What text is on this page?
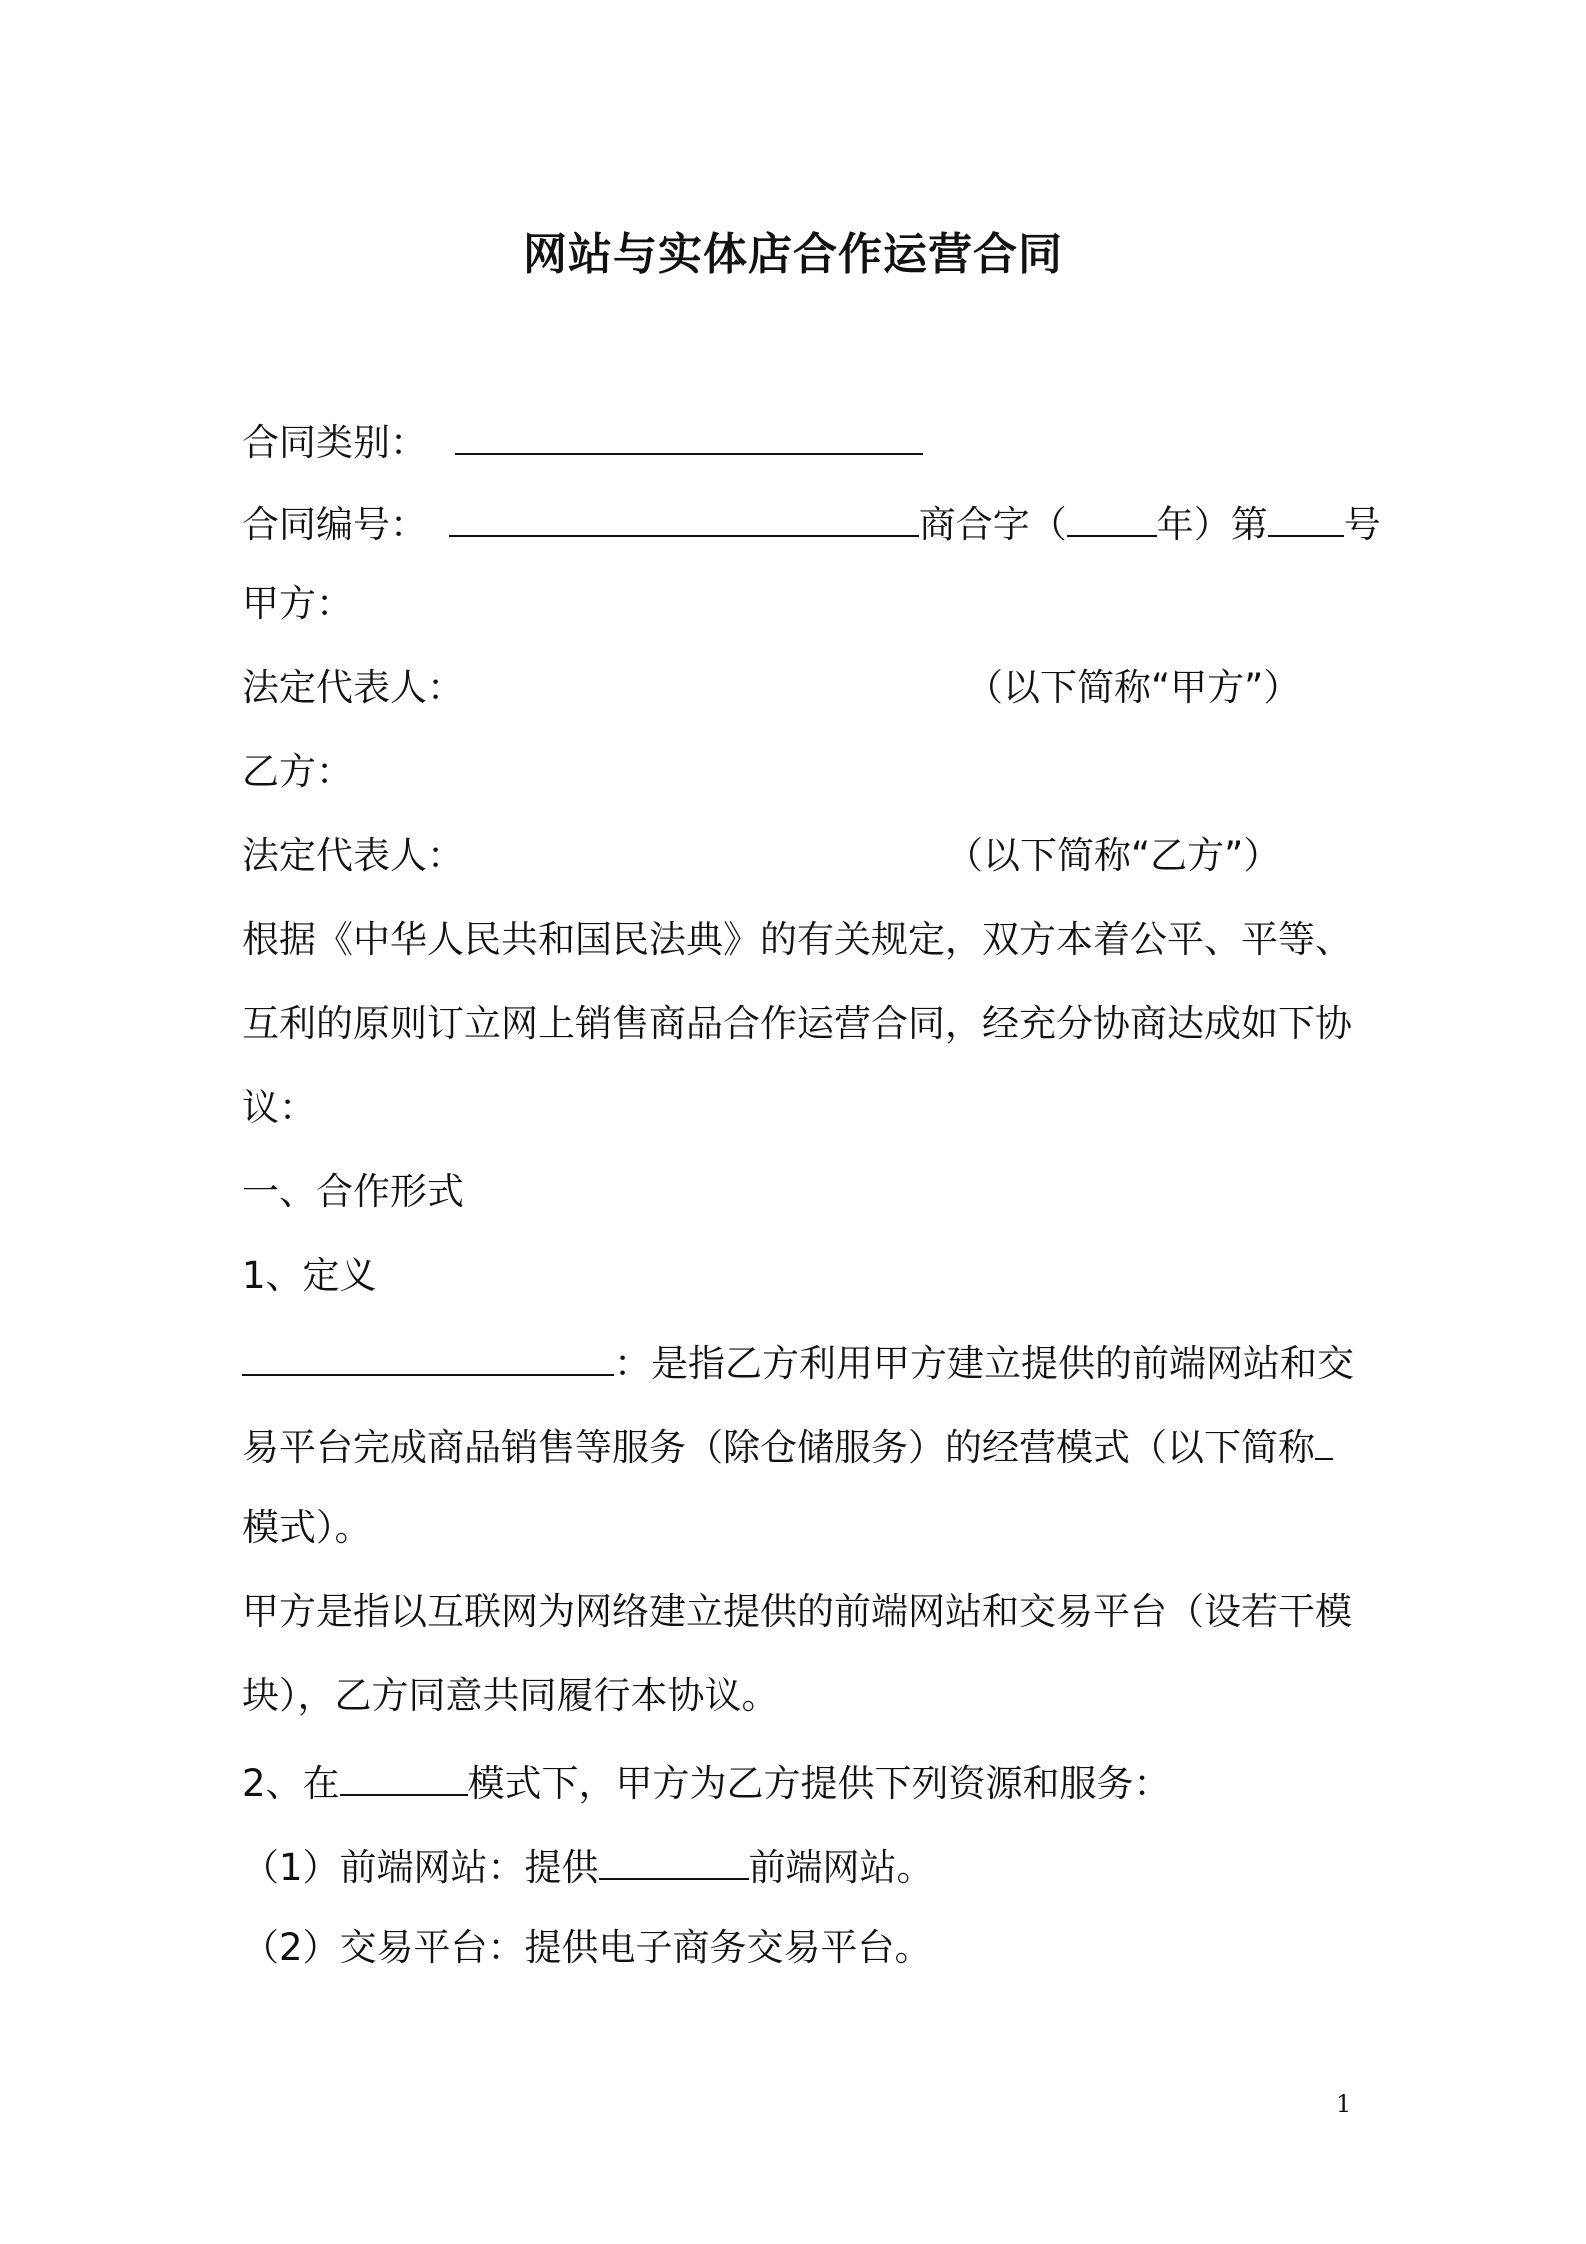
网站与实体店合作运营合同
合同类别：
合同编号：	商合字（ 年）第 号
甲方：
法定代表人：	（以下简称“甲方”）
乙方：
法定代表人：	（以下简称“乙方”）
根据《中华人民共和国民法典》的有关规定，双方本着公平、平等、
互利的原则订立网上销售商品合作运营合同，经充分协商达成如下协
议：
一、合作形式
1、定义
：是指乙方利用甲方建立提供的前端网站和交
易平台完成商品销售等服务（除仓储服务）的经营模式（以下简称
模式）。
甲方是指以互联网为网络建立提供的前端网站和交易平台（设若干模
块），乙方同意共同履行本协议。
2、在	模式下，甲方为乙方提供下列资源和服务：
（1）前端网站：提供	前端网站。
（2）交易平台：提供电子商务交易平台。
1
